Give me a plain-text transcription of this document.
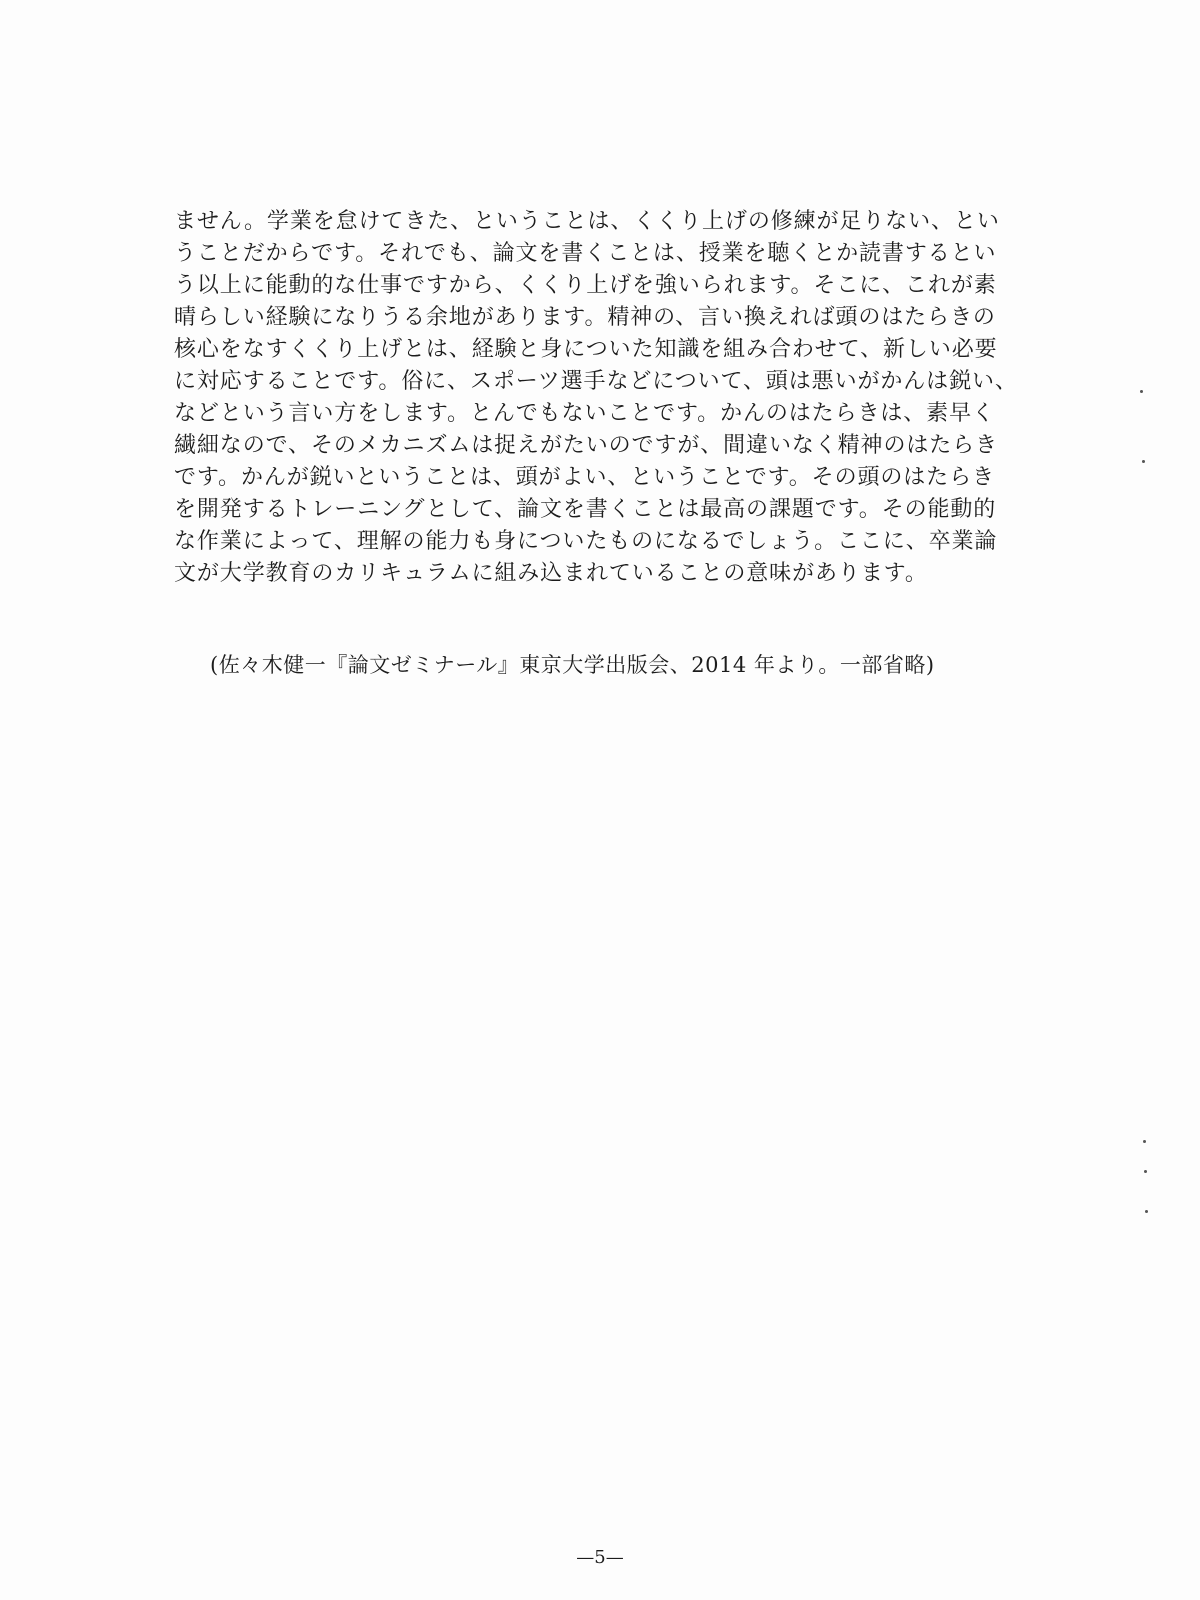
ません。学業を怠けてきた、ということは、くくり上げの修練が足りない、とい
うことだからです。それでも、論文を書くことは、授業を聴くとか読書するとい
う以上に能動的な仕事ですから、くくり上げを強いられます。そこに、これが素
晴らしい経験になりうる余地があります。精神の、言い換えれば頭のはたらきの
核心をなすくくり上げとは、経験と身についた知識を組み合わせて、新しい必要
に対応することです。俗に、スポーツ選手などについて、頭は悪いがかんは鋭い、
などという言い方をします。とんでもないことです。かんのはたらきは、素早く
繊細なので、そのメカニズムは捉えがたいのですが、間違いなく精神のはたらき
です。かんが鋭いということは、頭がよい、ということです。その頭のはたらき
を開発するトレーニングとして、論文を書くことは最高の課題です。その能動的
な作業によって、理解の能力も身についたものになるでしょう。ここに、卒業論
文が大学教育のカリキュラムに組み込まれていることの意味があります。
(佐々木健一『論文ゼミナール』東京大学出版会、2014 年より。一部省略)
—5—
